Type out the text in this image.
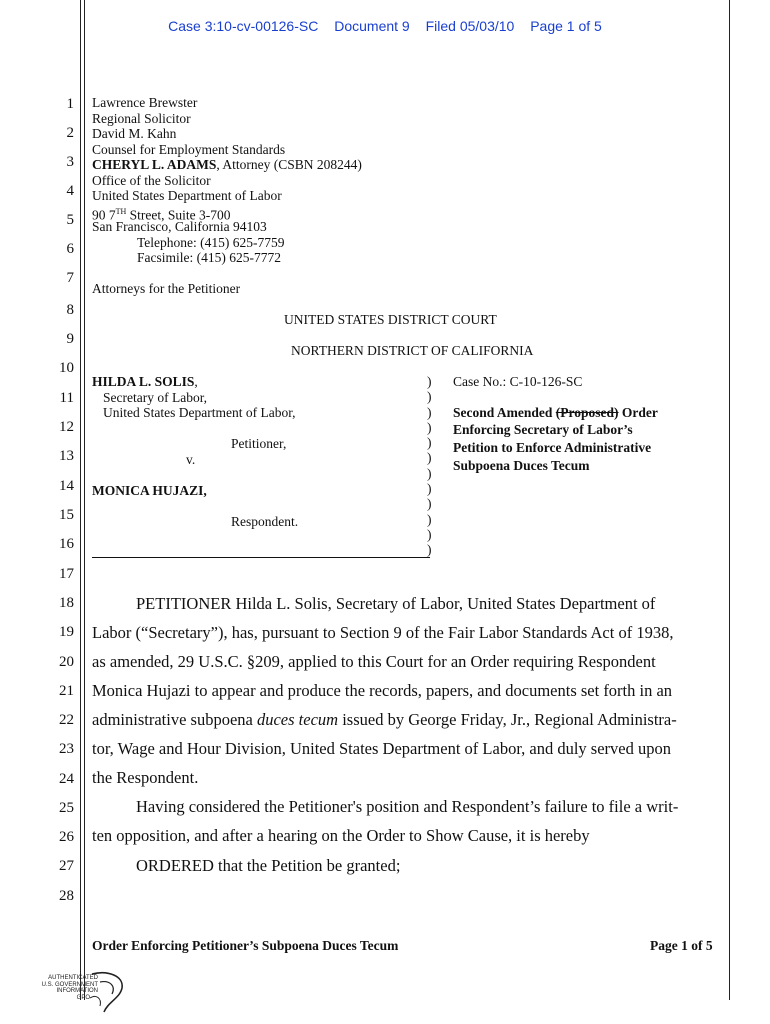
Case 3:10-cv-00126-SC Document 9 Filed 05/03/10 Page 1 of 5
1
2
3
4
5
6
7
8
9
10
11
12
13
14
15
16
17
18
19
20
21
22
23
24
25
26
27
28
Lawrence Brewster
Regional Solicitor
David M. Kahn
Counsel for Employment Standards
CHERYL L. ADAMS, Attorney (CSBN 208244)
Office of the Solicitor
United States Department of Labor
90 7TH Street, Suite 3-700
San Francisco, California 94103
Telephone: (415) 625-7759
Facsimile: (415) 625-7772
Attorneys for the Petitioner
UNITED STATES DISTRICT COURT
NORTHERN DISTRICT OF CALIFORNIA
HILDA L. SOLIS,
Secretary of Labor,
United States Department of Labor,
Petitioner,
v.
MONICA HUJAZI,
Respondent.
)
)
)
)
)
)
)
)
)
)
)
)
Case No.: C-10-126-SC
Second Amended (Proposed) Order
Enforcing Secretary of Labor’s
Petition to Enforce Administrative
Subpoena Duces Tecum
PETITIONER Hilda L. Solis, Secretary of Labor, United States Department of
Labor (“Secretary”), has, pursuant to Section 9 of the Fair Labor Standards Act of 1938,
as amended, 29 U.S.C. §209, applied to this Court for an Order requiring Respondent
Monica Hujazi to appear and produce the records, papers, and documents set forth in an
administrative subpoena duces tecum issued by George Friday, Jr., Regional Administra-
tor, Wage and Hour Division, United States Department of Labor, and duly served upon
the Respondent.
Having considered the Petitioner's position and Respondent’s failure to file a writ-
ten opposition, and after a hearing on the Order to Show Cause, it is hereby
ORDERED that the Petition be granted;
Order Enforcing Petitioner’s Subpoena Duces Tecum	Page 1 of 5
AUTHENTICATED
U.S. GOVERNMENT
INFORMATION
GPO
